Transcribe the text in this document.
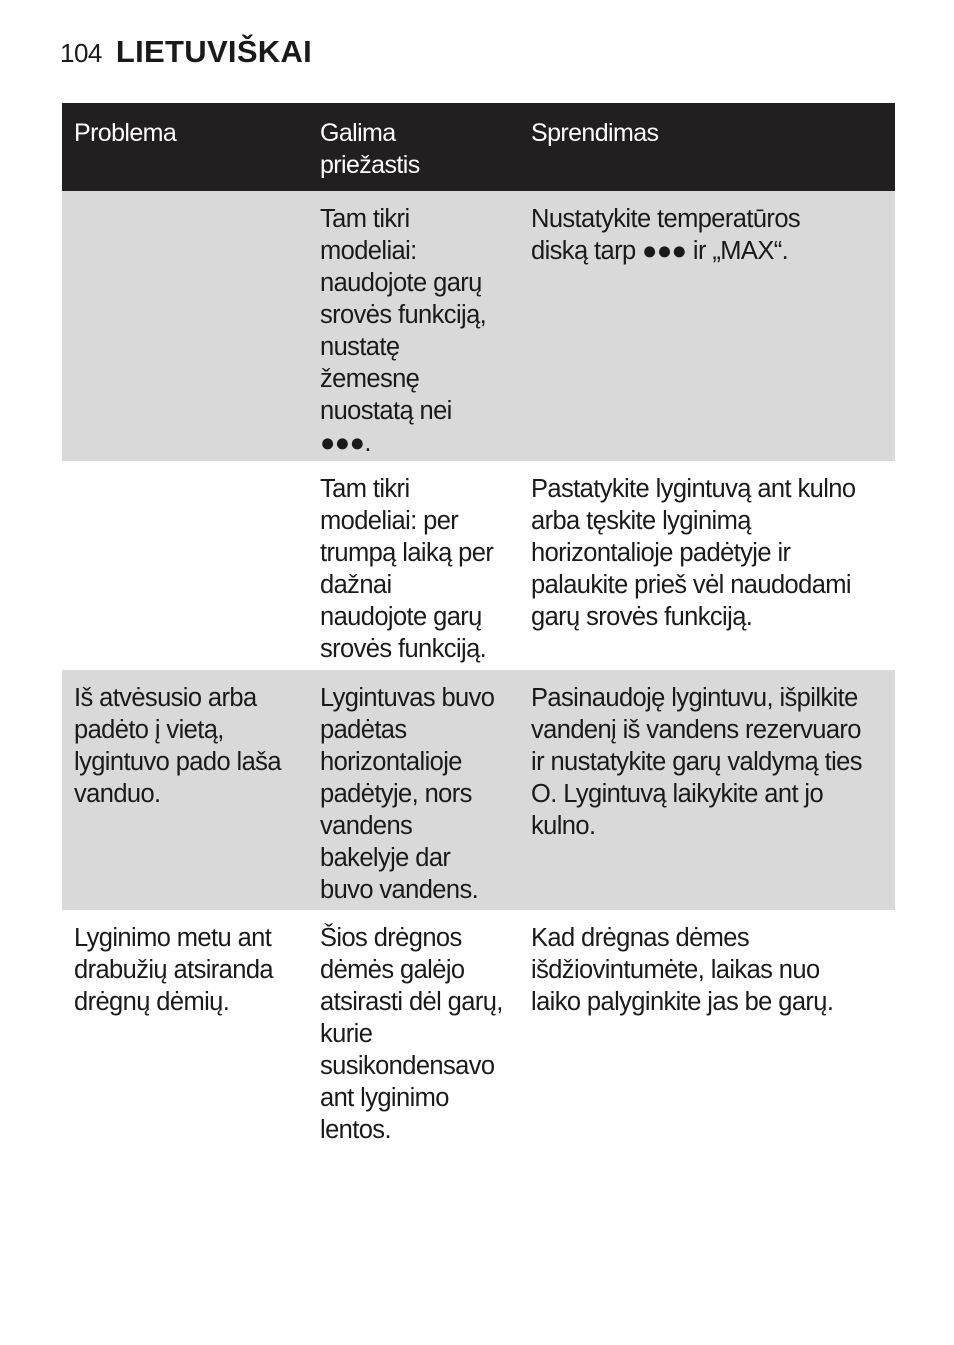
104 LIETUVIŠKAI
Problema	Galima
priežastis
Sprendimas
Tam tikri
modeliai:
naudojote garų
srovės funkciją,
nustatę
žemesnę
nuostatą nei
●●●.
Nustatykite temperatūros
diską tarp ●●● ir „MAX“.
Tam tikri
modeliai: per
trumpą laiką per
dažnai
naudojote garų
srovės funkciją.
Pastatykite lygintuvą ant kulno
arba tęskite lyginimą
horizontalioje padėtyje ir
palaukite prieš vėl naudodami
garų srovės funkciją.
Iš atvėsusio arba
padėto į vietą,
lygintuvo pado laša
vanduo.
Lygintuvas buvo
padėtas
horizontalioje
padėtyje, nors
vandens
bakelyje dar
buvo vandens.
Pasinaudoję lygintuvu, išpilkite
vandenį iš vandens rezervuaro
ir nustatykite garų valdymą ties
O. Lygintuvą laikykite ant jo
kulno.
Lyginimo metu ant
drabužių atsiranda
drėgnų dėmių.
Šios drėgnos
dėmės galėjo
atsirasti dėl garų,
kurie
susikondensavo
ant lyginimo
lentos.
Kad drėgnas dėmes
išdžiovintumėte, laikas nuo
laiko palyginkite jas be garų.
